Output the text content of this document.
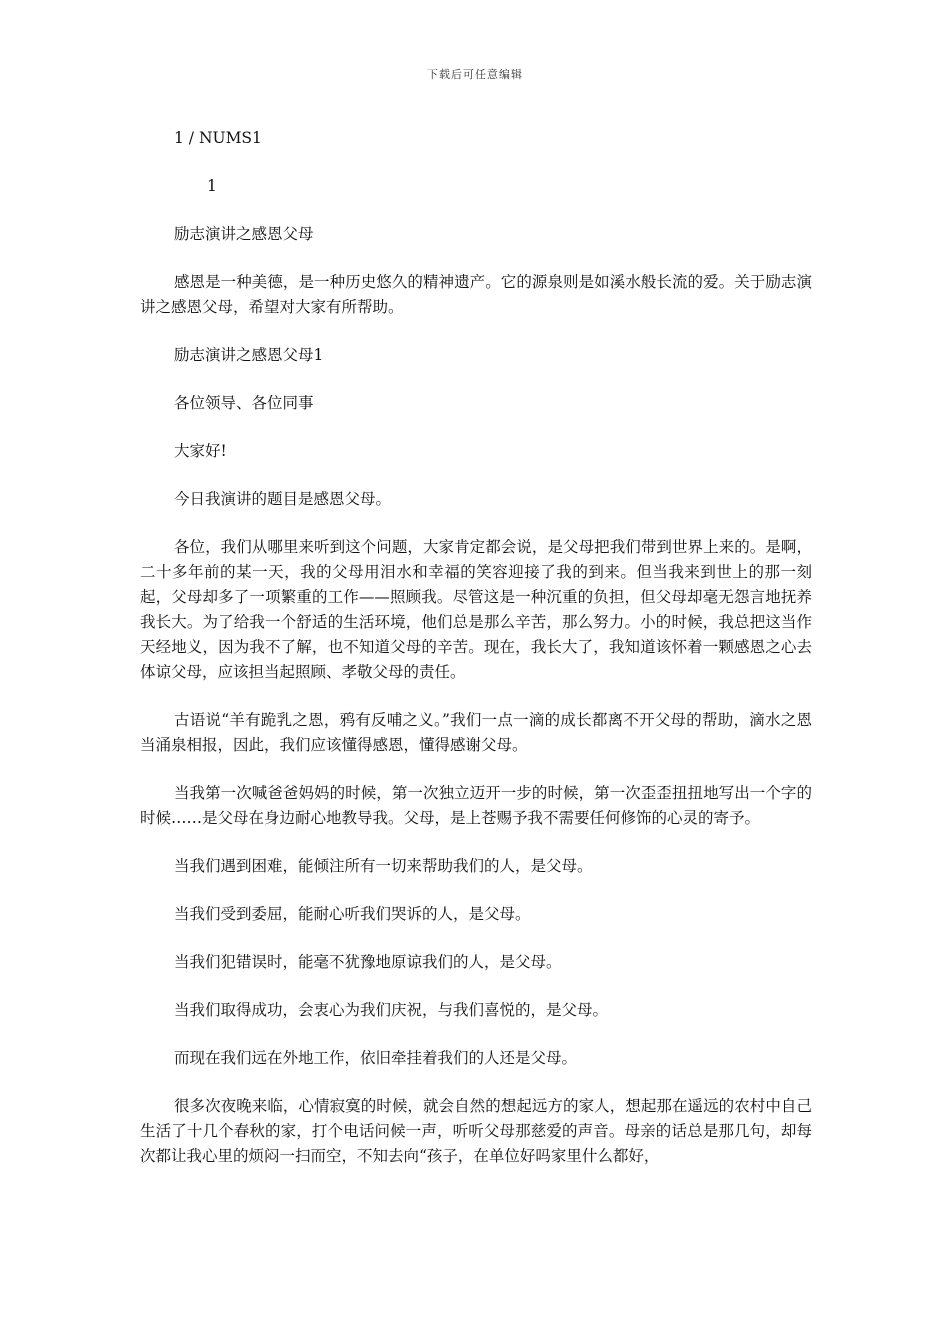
下载后可任意编辑

1 / NUMS1

1

励志演讲之感恩父母

感恩是一种美德，是一种历史悠久的精神遗产。它的源泉则是如溪水般长流的爱。关于励志演讲之感恩父母，希望对大家有所帮助。

励志演讲之感恩父母1

各位领导、各位同事

大家好!

今日我演讲的题目是感恩父母。

各位，我们从哪里来听到这个问题，大家肯定都会说，是父母把我们带到世界上来的。是啊，二十多年前的某一天，我的父母用泪水和幸福的笑容迎接了我的到来。但当我来到世上的那一刻起，父母却多了一项繁重的工作——照顾我。尽管这是一种沉重的负担，但父母却毫无怨言地抚养我长大。为了给我一个舒适的生活环境，他们总是那么辛苦，那么努力。小的时候，我总把这当作天经地义，因为我不了解，也不知道父母的辛苦。现在，我长大了，我知道该怀着一颗感恩之心去体谅父母，应该担当起照顾、孝敬父母的责任。

古语说“羊有跪乳之恩，鸦有反哺之义。”我们一点一滴的成长都离不开父母的帮助，滴水之恩当涌泉相报，因此，我们应该懂得感恩，懂得感谢父母。

当我第一次喊爸爸妈妈的时候，第一次独立迈开一步的时候，第一次歪歪扭扭地写出一个字的时候……是父母在身边耐心地教导我。父母，是上苍赐予我不需要任何修饰的心灵的寄予。

当我们遇到困难，能倾注所有一切来帮助我们的人，是父母。

当我们受到委屈，能耐心听我们哭诉的人，是父母。

当我们犯错误时，能毫不犹豫地原谅我们的人，是父母。

当我们取得成功，会衷心为我们庆祝，与我们喜悦的，是父母。

而现在我们远在外地工作，依旧牵挂着我们的人还是父母。

很多次夜晚来临，心情寂寞的时候，就会自然的想起远方的家人，想起那在遥远的农村中自己生活了十几个春秋的家，打个电话问候一声，听听父母那慈爱的声音。母亲的话总是那几句，却每次都让我心里的烦闷一扫而空，不知去向“孩子，在单位好吗家里什么都好，
